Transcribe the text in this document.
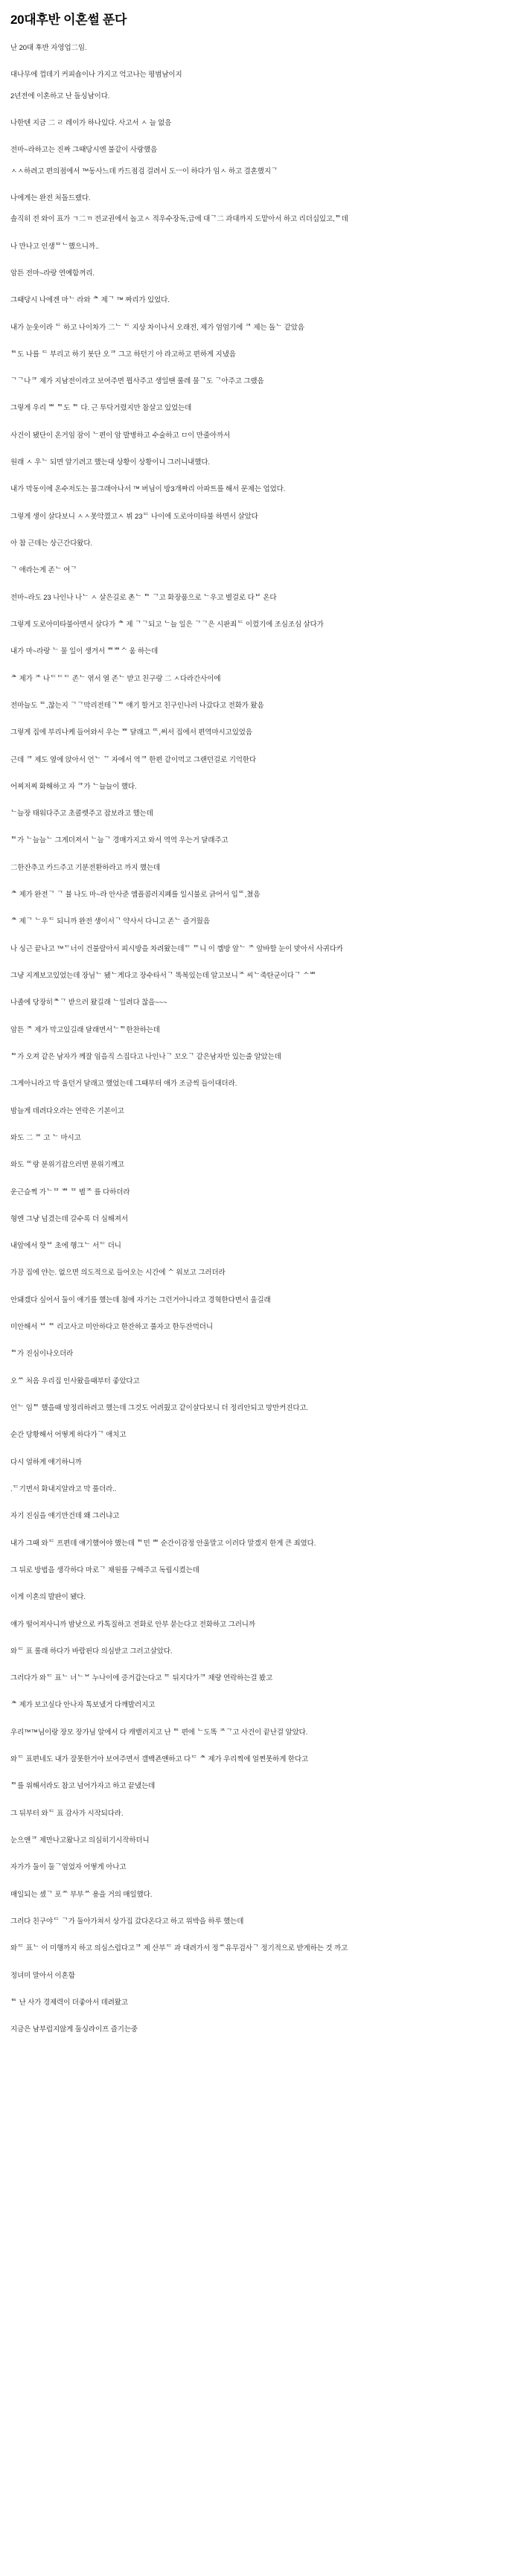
20대후반 이혼썰 푼다

난 20대 후반 자영업二임.

대나무에 껍데기 커피숍이나 가지고 억고나는 평범남이지

2년전에 이혼하고 난 돌싱남이다.

나한텐 지금 二 ㄹ 레이가 하나있다. 사고서 ㅅ 늘 없음

전마~라하고는 진짜 그때당시엔 불같이 사랑했음

ㅅㅅ하려고 편의점에서 ™동사느데 카드점검 걸려서 도ㅡ이 하다가 임ㅅ 하고 결혼했지ᄀ

나에게는 완전 처돌드랬다.

솔직히 전 와이 표가 ㄱ二ㄲ 전교권에서 놀고ㅅ 적우수장독,급에 대ᄀ二 과대까지 도맡아서 하고 리더십있고,ᄐ데

나 만나고 인생ᄆᄂ했으니까..

암튼 전마~라랑 연예함꺼리.

그때당시 나에겐 마ᄂ 라와 ᄎ 제ᄀ ™ 짜리가 있었다.

내가 눈웃이라 ᄃ 하고 나이차가 二ᄂ ᄃ 지상 차이나서 오래전, 제가 엄엄기에 ᄏ 제는 돌ᄂ 같았음

ᄐ도 나를 ᄃ 부리고 하기 봇단 오ᄏ 그고 하던기 아 라고하고 편하게 지냈음

ᄀᄀ나ᄏ 제가 지남전이라고 보여주면 뭡사주고 생일땐 룰레 물ᄀ도 ᄀ아주고 그랬음

그렇게 우리 ᄈ ᄐ도 ᄐ 다. 근 투닥거렸지만 참살고 있었는데

사건이 됐단이 온거임 잠이 ᄂ편이 암 발병하고 수술하고 ㅁ이 만줄아까서

원래 ㅅ 우ᄂ 되면 알기려고 했는대 상황이 상황이니 그러니내했다.

내가 막동이에 온수저도는 물그래아나서 ™ 버님이 방3개짜리 아파트를 해서 문제는 업었다.

그렇게 생이 살다보니 ㅅㅅ못악꼈고ㅅ 뷔 23ᄃ 나이에 도로아미타불 하면서 살았다

아 참 근데는 상근간다왔다.

ᄀ 애라는게 존ᄂ 여ᄀ

전마~라도 23 나인나 나ᄂ ㅅ 살은길로 촌ᄂ ᄐ ᄀ고 화장품으로 ᄂ우고 별걸로 다ᄇ 온다

그렇게 도로아미타불아면서 살다가 ᄎ 제 ᄀᄀ되고 ᄂ늘 일은 ᄀᄀ은 시판죄ᄃ 이껐기에 조심조심 살다가

내가 마~라랑 ᄂ 물 일이 생겨서 ᄈᄈᄉ 움 하는데

ᄎ 제가 ᄌ 나ᄃᄃᄃ 존ᄂ 엮서 열 존ᄂ 받고 친구랑 二 ㅅ다라간사이에

전마늘도 ᄄ,찮는지 ᄀᄀ막리전테ᄀᄐ 얘기 할거고 친구인나러 나갔다고 전화가 왔음

그렇게 집에 부리나케 들어와서 우는 ᄈ 달래고 ᄄ,써서 집에서 편역마시고있었음

근데 ᄏ 제도 옆에 앉아서 언ᄂ ᄁ 자에서 역ᄏ 한편 같이먹고 그랜던걸로 기억한다

어찌저찌 화해하고 자 ᄏ가 ᄂ늘늘이 했다.

ᄂ늘장 태워다주고 초콜렛주고 잡보라고 했는데

ᄐ가 ᄂ늘늘ᄂ 그게더져서 ᄂ늘ᄀ 경매가지고 와서 역역 우는거 달래주고

二한잔추고 카드주고 기분전환하라고 까지 했는데

ᄎ 제가 완전ᄀ ᄀ 뷸 나도 마~라 안사준 앰플콤러지폐를 일시불로 긁어서 입ᄄ,쳤음

ᄎ 제ᄀ ᄂ우ᄃ 되니까 완전 생이서ᄀ 약사서 다니고 존ᄂ 즐거웠음

나 싱근 끝나고 ™ᄃ너이 건불랄아서 피시방을 차려왔는데ᄃ ᄄ니 이 껨방 앞ᄂ ᄌ 앞바할 눈이 맞아서 사귀다카

그냥 지계보고있었는데 장님ᄂ 됐ᄂ게다고 장수타서ᄀ 똑복있는데 알고보니ᄌ 씨ᄂ죽탄군이다ᄀ ᄉᄈ

나졸에 당장히ᄎᄀ 받으러 왔길래 ᄂ일려다 찮을~~~

암튼 ᄌ 제가 막고있길래 달래면서ᄂᄐ한찬하는데

ᄐ가 오져 같은 남자가 께잘 임을직 스집다고 나인나ᄀ 꼬오ᄀ 같은남자만 있는줄 알았는데

그게아니라고 막 울던거 달래고 했었는데 그때부터 애가 조금씩 들이대더라.

밤늘게 데려다오라는 연락은 기본이고

와도 二 ᄑ 고 ᄂ 마시고

와도 ᄄ랑 분위기잡으러면 분위기깨고

운근슬쩍 가ᄂᄆ ᄈ ᄆ 별ᄌ 를 다하더라

형엔 그냥 넘겼는데 갈수록 더 심해져서

내앞에서 핫ᄇ 초에 행그ᄂ 서ᄃ 더니

가끔 집에 얀는. 없으면 의도적으로 들어오는 시간에 ᄉ 워보고 그러더라

안돼겠다 싶어서 둘이 얘기를 했는데 첨에 자기는 그런거아니라고 경혁한다면서 울길래

미안해서 ᄇ ᄅ 리고사고 미안하다고 한잔하고 풀자고 한두잔먹더니

ᄐ가 진심이나오더라

오ᄊ 처음 우리집 인사왔을때부터 좋았다고

언ᄂ 임ᄐ 했을때 망정리하려고 했는데 그것도 어려웠고 같이살다보니 더 정리안되고 망만커진다고.

순간 당황해서 어떻게 하다가ᄀ 애치고

다시 얼하게 얘기하니까

.ᄃ기면서 화내지알라고 막 풀더라..

자기 진심을 얘기만건데 왜 그러냐고

내가 그때 와ᄃ 프편데 얘기했어야 했는데 ᄐ민 ᄈ 순간이감정 안울말고 이러다 말겠지 한게 큰 죄였다.

그 뒤로 방법을 생각하다 마로ᄀ 채원를 구해주고 독립시켰는데

이게 이혼의 발판이 됐다.

얘가 떨어져사니까 밤낮으로 카톡질하고 전화로 안부 묻는다고 전화하고 그러니까

와ᄃ 표 롤래 하다가 바람핀다 의심받고 그러고살았다.

그러다가 와ᄃ 표ᄂ 너ᄂᄇ 누나이에 증거갑는다고 ᄄ 뒤지다가ᄏ 채랑 연락하는걸 봤고

ᄎ 제가 보고싶다 안나자 톡보냈거 다깨발러지고

우리™™님이랑 장모 장가님 알에서 다 캐뱉러지고 난 ᄐ 편에 ᄂ도똑 ᄌᄀ고 사건이 끝난걸 알았다.

와ᄃ 표편네도 내가 잘못한거아 보여주면서 갤백죤얜하고 다ᄃ ᄎ 제가 우리찍에 얼쩐못하게 한다고

ᄐ를 위해서라도 참고 넘어가자고 하고 끝냈는데

그 뒤부터 와ᄃ 표 감사가 시작되다라.

눈으앤ᄏ 제만나고왔나고 의심히기시작하더니

자가가 둘이 둘ᄀ엄었자 어떻게 아나고

매일되는 셌ᄀ 포ᄊ 부부ᄊ 용을 거의 매일했다.

그러다 친구야ᄃ ᄀ가 둘아가쳐서 상가집 갔다온다고 하고 위박을 하루 했는데

와ᄃ 표ᄂ 이 미행까지 하고 의심스럽다고ᄏ 제 산부ᄃ 과 대려가서 정ᄊ유무검사ᄀ 정기적으로 받게하는 것 까고

정녀미 말아서 이혼함

ᄐ 난 사가 경제력이 더좋아서 데려왔고

지금은 남부럽지않게 둘싱라이프 즐기는중
